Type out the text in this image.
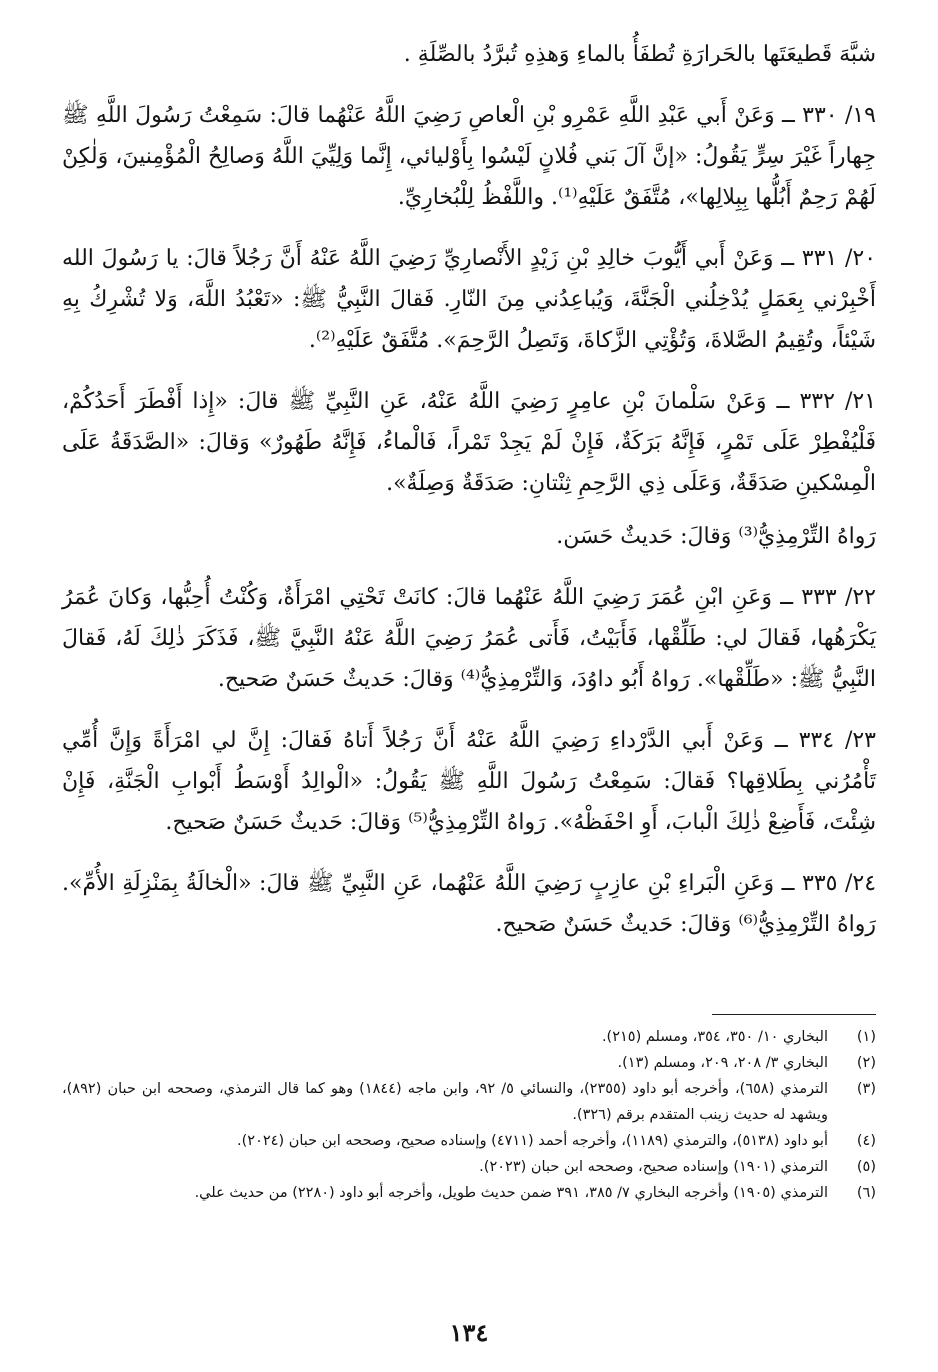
شبَّهَ قَطيعَتَها بالحَرارَةِ تُطفَأُ بالماءِ وَهذِهِ تُبرَّدُ بالصِّلَةِ .

١٩/ ٣٣٠ ــ وَعَنْ أَبي عَبْدِ اللَّهِ عَمْرِو بْنِ الْعاصِ رَضِيَ اللَّهُ عَنْهُما قالَ: سَمِعْتُ رَسُولَ اللَّهِ ﷺ جِهاراً غَيْرَ سِرٍّ يَقُولُ: «إنَّ آلَ بَني فُلانٍ لَيْسُوا بِأَوْليائي، إِنَّما وَلِيِّيَ اللَّهُ وَصالِحُ الْمُؤْمِنينَ، وَلٰكِنْ لَهُمْ رَحِمٌ أَبُلُّها بِبِلالِها»، مُتَّفَقٌ عَلَيْهِ⁽¹⁾. واللَّفْظُ لِلْبُخارِيِّ.

٢٠/ ٣٣١ ــ وَعَنْ أَبي أَيُّوبَ خالِدِ بْنِ زَيْدٍ الأَنْصارِيِّ رَضِيَ اللَّهُ عَنْهُ أَنَّ رَجُلاً قالَ: يا رَسُولَ الله أَخْبِرْني بِعَمَلٍ يُدْخِلُني الْجَنَّةَ، وَيُباعِدُني مِنَ النّارِ. فَقالَ النَّبِيُّ ﷺ: «تَعْبُدُ اللَّهَ، وَلا تُشْرِكُ بِهِ شَيْئاً، وتُقِيمُ الصَّلاةَ، وَتُؤْتِي الزَّكاةَ، وَتَصِلُ الرَّحِمَ». مُتَّفَقٌ عَلَيْهِ⁽²⁾.

٢١/ ٣٣٢ ــ وَعَنْ سَلْمانَ بْنِ عامِرٍ رَضِيَ اللَّهُ عَنْهُ، عَنِ النَّبِيِّ ﷺ قالَ: «إِذا أَفْطَرَ أَحَدُكُمْ، فَلْيُفْطِرْ عَلَى تَمْرٍ، فَإِنَّهُ بَرَكَةٌ، فَإِنْ لَمْ يَجِدْ تَمْراً، فَالْماءُ، فَإِنَّهُ طَهُورٌ» وَقالَ: «الصَّدَقَةُ عَلَى الْمِسْكينِ صَدَقَةٌ، وَعَلَى ذِي الرَّحِمِ ثِنْتانِ: صَدَقَةٌ وَصِلَةٌ».

رَواهُ التِّرْمِذِيُّ⁽³⁾ وَقالَ: حَديثٌ حَسَن.

٢٢/ ٣٣٣ ــ وَعَنِ ابْنِ عُمَرَ رَضِيَ اللَّهُ عَنْهُما قالَ: كانَتْ تَحْتِي امْرَأَةٌ، وَكُنْتُ أُحِبُّها، وَكانَ عُمَرُ يَكْرَهُها، فَقالَ لي: طَلِّقْها، فَأَبَيْتُ، فَأَتى عُمَرُ رَضِيَ اللَّهُ عَنْهُ النَّبِيَّ ﷺ، فَذَكَرَ ذٰلِكَ لَهُ، فَقالَ النَّبِيُّ ﷺ: «طَلِّقْها». رَواهُ أَبُو داوُدَ، وَالتِّرْمِذِيُّ⁽⁴⁾ وَقالَ: حَديثٌ حَسَنٌ صَحيح.

٢٣/ ٣٣٤ ــ وَعَنْ أَبي الدَّرْداءِ رَضِيَ اللَّهُ عَنْهُ أَنَّ رَجُلاً أَتاهُ فَقالَ: إِنَّ لي امْرَأَةً وَإِنَّ أُمِّي تَأْمُرُني بِطَلاقِها؟ فَقالَ: سَمِعْتُ رَسُولَ اللَّهِ ﷺ يَقُولُ: «الْوالِدُ أَوْسَطُ أَبْوابِ الْجَنَّةِ، فَإِنْ شِئْتَ، فَأَضِعْ ذٰلِكَ الْبابَ، أَوِ احْفَظْهُ». رَواهُ التِّرْمِذِيُّ⁽⁵⁾ وَقالَ: حَديثٌ حَسَنٌ صَحيح.

٢٤/ ٣٣٥ ــ وَعَنِ الْبَراءِ بْنِ عازِبٍ رَضِيَ اللَّهُ عَنْهُما، عَنِ النَّبِيِّ ﷺ قالَ: «الْخالَةُ بِمَنْزِلَةِ الأُمِّ». رَواهُ التِّرْمِذِيُّ⁽⁶⁾ وَقالَ: حَديثٌ حَسَنٌ صَحيح.

(١)
البخاري ١٠/ ٣٥٠، ٣٥٤، ومسلم (٢١٥).
(٢)
البخاري ٣/ ٢٠٨، ٢٠٩، ومسلم (١٣).
(٣)
الترمذي (٦٥٨)، وأخرجه أبو داود (٢٣٥٥)، والنسائي ٥/ ٩٢، وابن ماجه (١٨٤٤) وهو كما قال الترمذي، وصححه ابن حبان (٨٩٢)، ويشهد له حديث زينب المتقدم برقم (٣٢٦).
(٤)
أبو داود (٥١٣٨)، والترمذي (١١٨٩)، وأخرجه أحمد (٤٧١١) وإسناده صحيح، وصححه ابن حبان (٢٠٢٤).
(٥)
الترمذي (١٩٠١) وإسناده صحيح، وصححه ابن حبان (٢٠٢٣).
(٦)
الترمذي (١٩٠٥) وأخرجه البخاري ٧/ ٣٨٥، ٣٩١ ضمن حديث طويل، وأخرجه أبو داود (٢٢٨٠) من حديث علي.
١٣٤
